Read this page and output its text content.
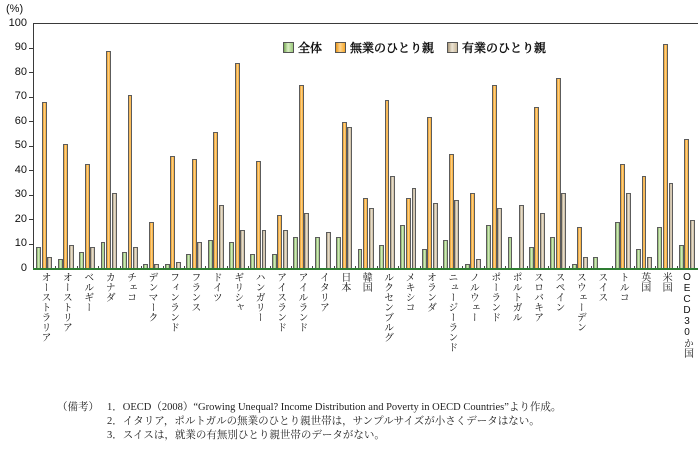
(%)
100
90
80
70
60
50
40
30
20
10
0
全体 無業のひとり親 有業のひとり親
オーストラリア オーストリア ベルギー カナダ チェコ デンマーク フィンランド フランス ドイツ ギリシャ ハンガリー アイスランド アイルランド イタリア 日本 韓国 ルクセンブルグ メキシコ オランダ ニュージーランド ノルウェー ポーランド ポルトガル スロバキア スペイン スウェーデン スイス トルコ 英国 米国 OECD30か国
（備考） 1．OECD（2008）“Growing Unequal? Income Distribution and Poverty in OECD Countries”より作成。
2．イタリア，ポルトガルの無業のひとり親世帯は，サンプルサイズが小さくデータはない。
3．スイスは，就業の有無別ひとり親世帯のデータがない。
